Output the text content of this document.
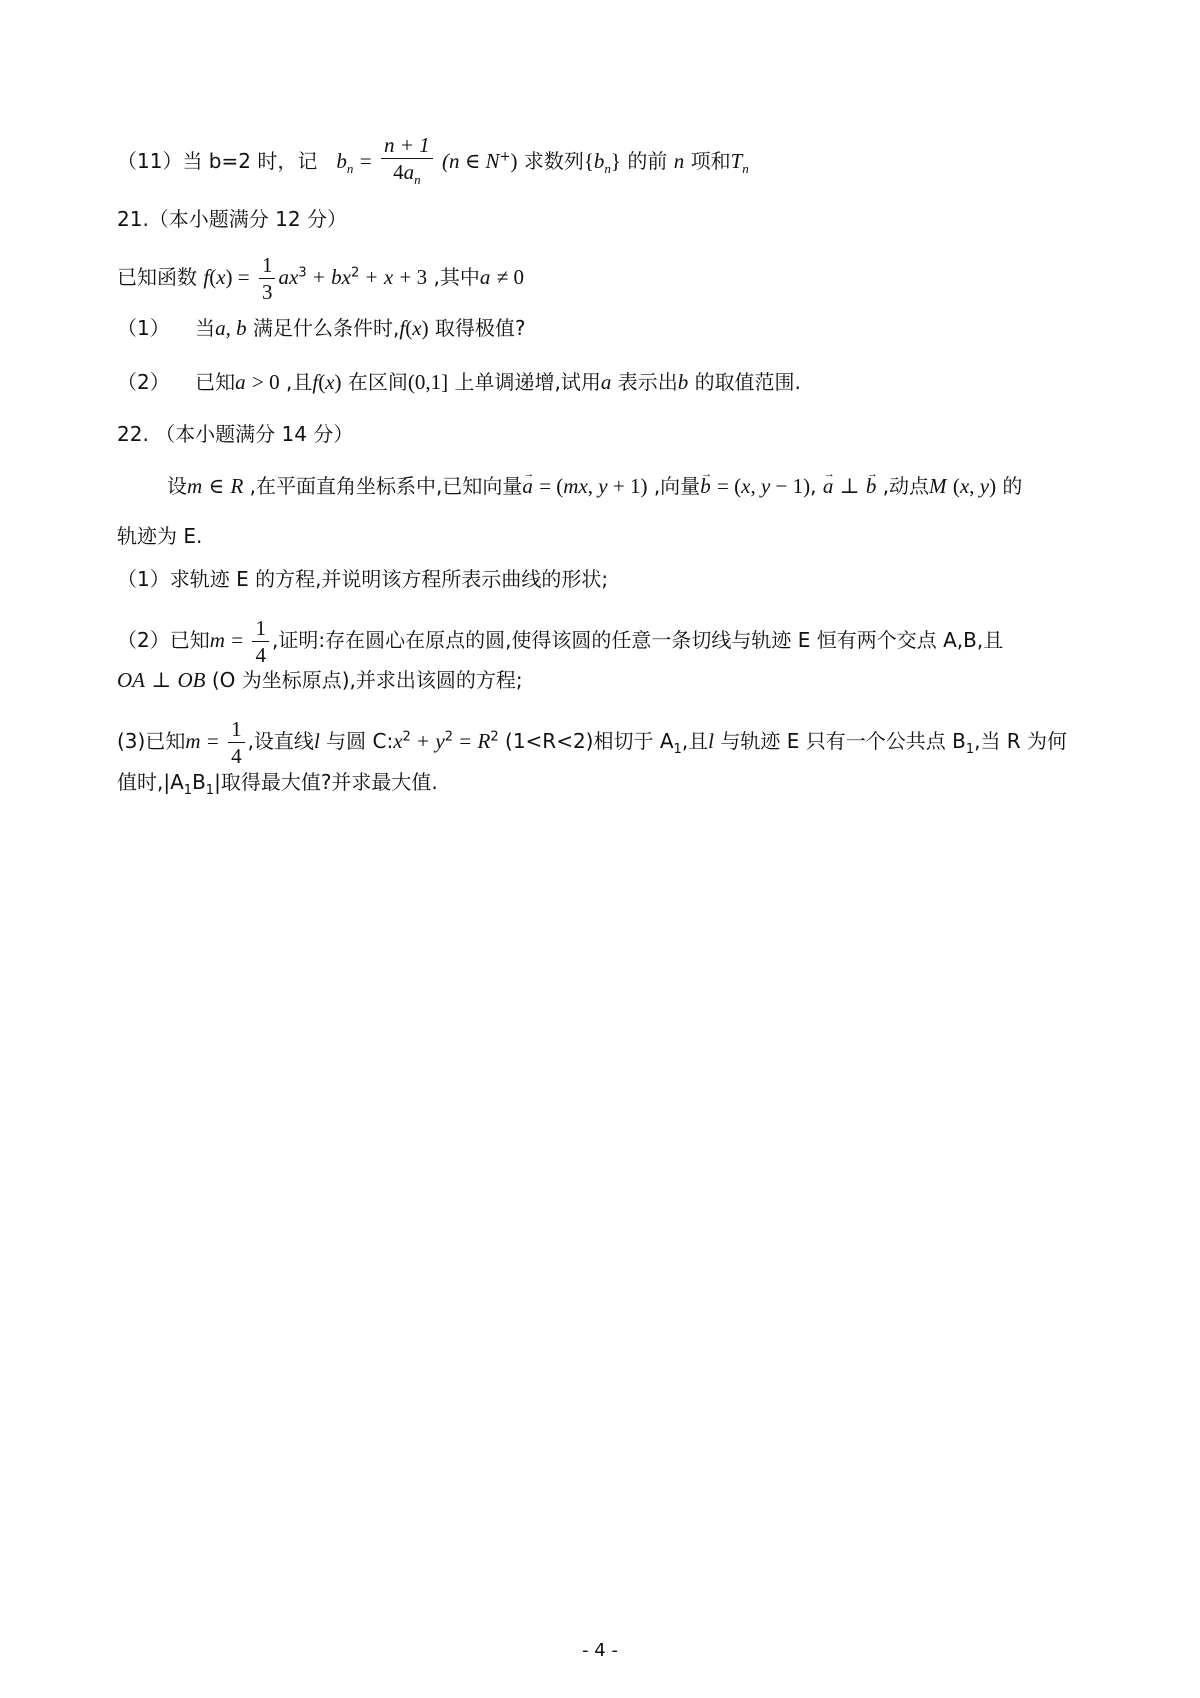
（11）当 b=2 时，记 $b_n = \frac{n + 1}{4a_n} (n$ ∈ N+) 求数列$\{b_n\}$ 的前 n 项和$T_n$
21.（本小题满分 12 分）
已知函数 $f(x) = \frac{1}{3} ax^3 + bx^2 + x + 3$ ,其中a ≠ 0
（1） 当a, b 满足什么条件时,f(x) 取得极值?
（2） 已知a > 0 ,且f(x) 在区间(0,1] 上单调递增,试用a 表示出b 的取值范围.
22. （本小题满分 14 分）
设m ∈ R ,在平面直角坐标系中,已知向量→ a = (mx, y + 1) ,向量→ b = (x, y − 1), → a ⊥ → b ,动点M (x, y) 的
轨迹为 E.
（1）求轨迹 E 的方程,并说明该方程所表示曲线的形状;
（2）已知$m = \frac{1}{4}$ ,证明:存在圆心在原点的圆,使得该圆的任意一条切线与轨迹 E 恒有两个交点 A,B,且
OA ⊥ OB (O 为坐标原点),并求出该圆的方程;
(3)已知$m = \frac{1}{4}$ ,设直线l 与圆 $C:x^2 + y^2 = R^2$ (1<R<2)相切于 $A_1$,且l 与轨迹 E 只有一个公共点 $B_1$,当 R 为何
值时$,|A_1B_1|$取得最大值?并求最大值.
- 4 -
